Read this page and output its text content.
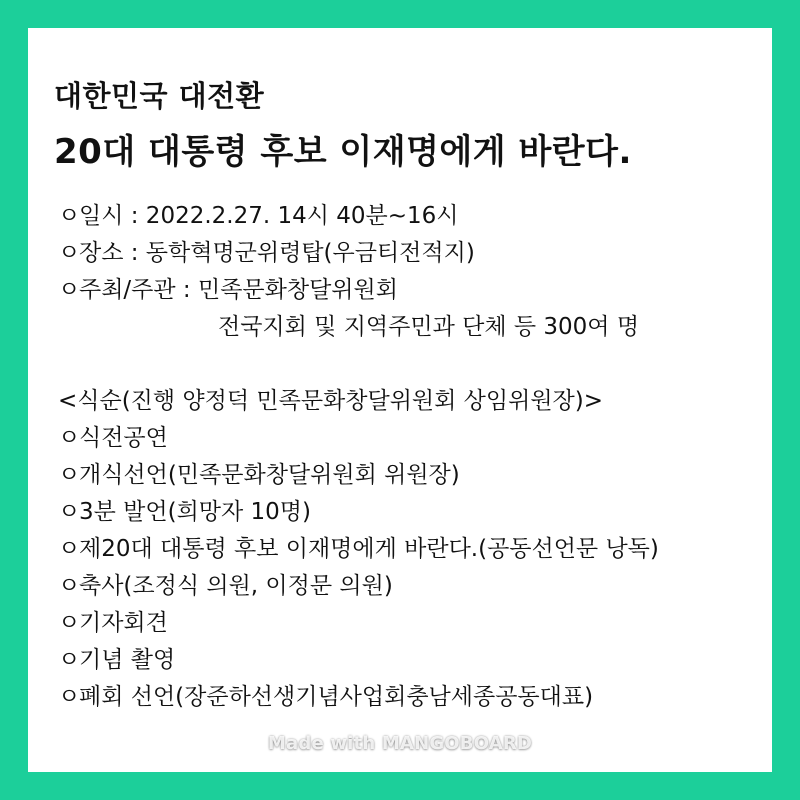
대한민국 대전환
20대 대통령 후보 이재명에게 바란다.
ㅇ일시 : 2022.2.27. 14시 40분~16시
ㅇ장소 : 동학혁명군위령탑(우금티전적지)
ㅇ주최/주관 : 민족문화창달위원회
전국지회 및 지역주민과 단체 등 300여 명
<식순(진행 양정덕 민족문화창달위원회 상임위원장)>
ㅇ식전공연
ㅇ개식선언(민족문화창달위원회 위원장)
ㅇ3분 발언(희망자 10명)
ㅇ제20대 대통령 후보 이재명에게 바란다.(공동선언문 낭독)
ㅇ축사(조정식 의원, 이정문 의원)
ㅇ기자회견
ㅇ기념 촬영
ㅇ폐회 선언(장준하선생기념사업회충남세종공동대표)
Made with MANGOBOARD
